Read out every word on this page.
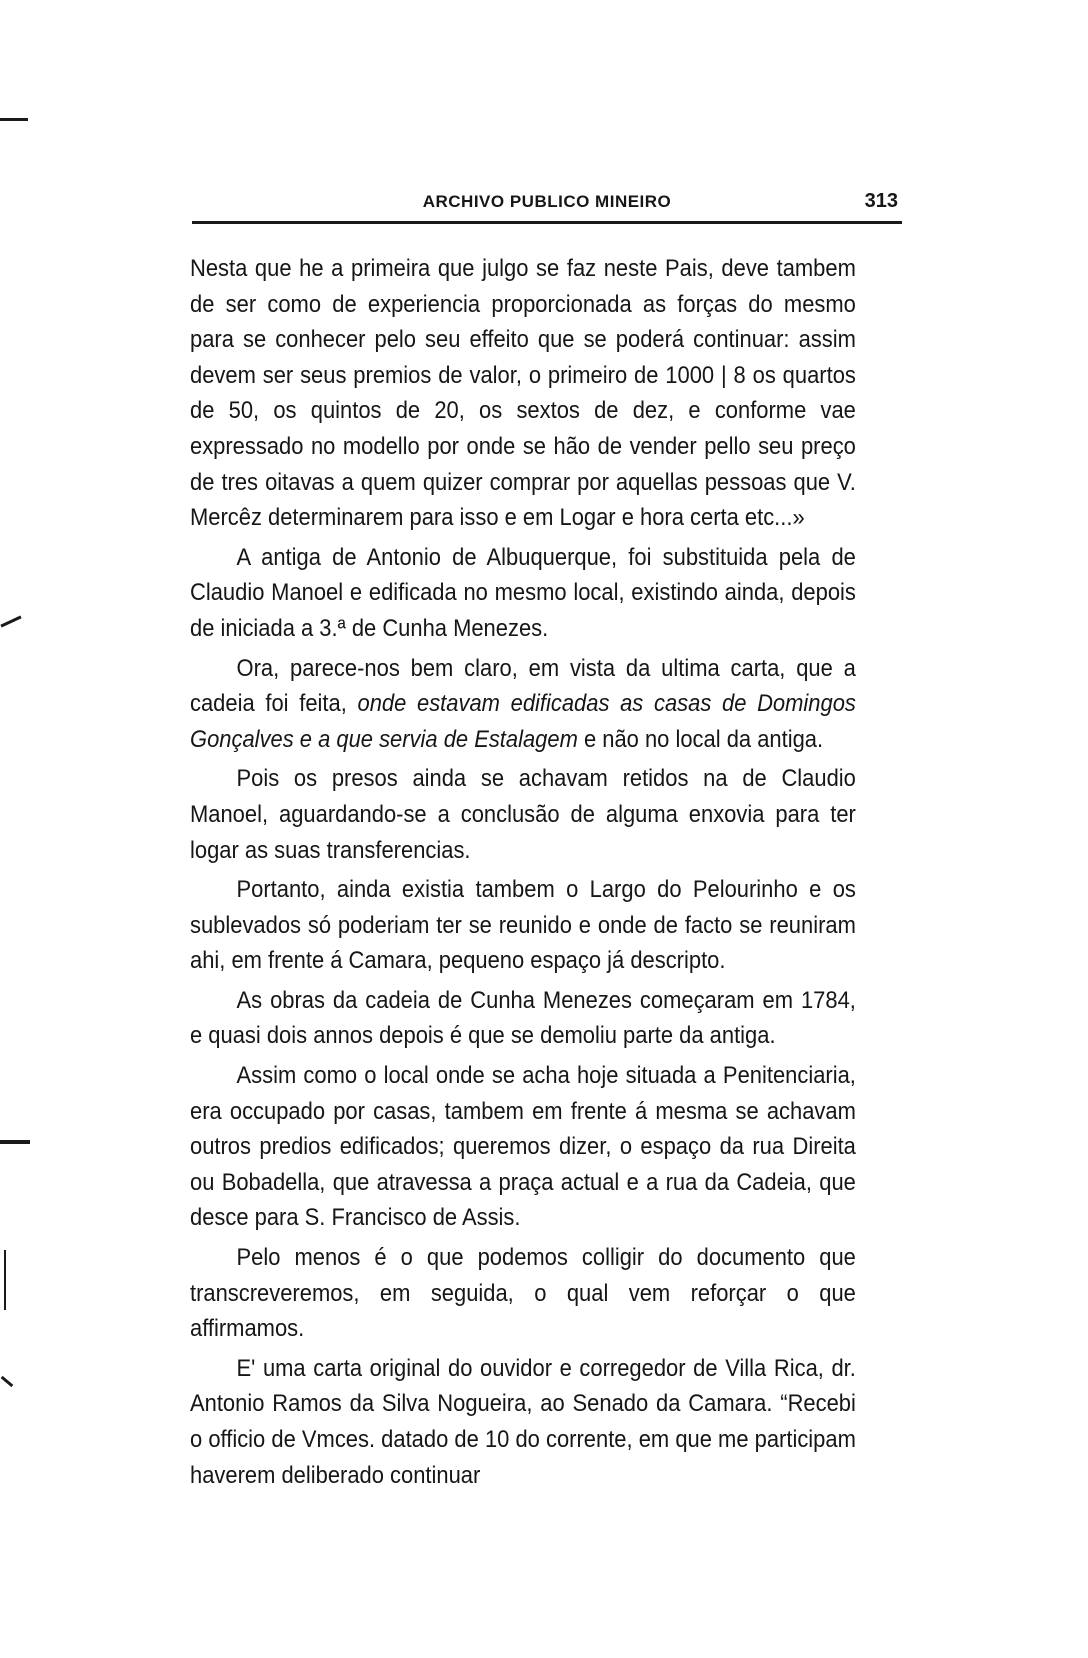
ARCHIVO PUBLICO MINEIRO	313

Nesta que he a primeira que julgo se faz neste Pais, deve tambem de ser como de experiencia proporcionada as forças do mesmo para se conhecer pelo seu effeito que se poderá continuar: assim devem ser seus premios de valor, o primeiro de 1000 | 8 os quartos de 50, os quintos de 20, os sextos de dez, e conforme vae expressado no modello por onde se hão de vender pello seu preço de tres oitavas a quem quizer comprar por aquellas pessoas que V. Mercêz determinarem para isso e em Logar e hora certa etc...»

A antiga de Antonio de Albuquerque, foi substituida pela de Claudio Manoel e edificada no mesmo local, existindo ainda, depois de iniciada a 3.ª de Cunha Menezes.

Ora, parece-nos bem claro, em vista da ultima carta, que a cadeia foi feita, onde estavam edificadas as casas de Domingos Gonçalves e a que servia de Estalagem e não no local da antiga.

Pois os presos ainda se achavam retidos na de Claudio Manoel, aguardando-se a conclusão de alguma enxovia para ter logar as suas transferencias.

Portanto, ainda existia tambem o Largo do Pelourinho e os sublevados só poderiam ter se reunido e onde de facto se reuniram ahi, em frente á Camara, pequeno espaço já descripto.

As obras da cadeia de Cunha Menezes começaram em 1784, e quasi dois annos depois é que se demoliu parte da antiga.

Assim como o local onde se acha hoje situada a Penitenciaria, era occupado por casas, tambem em frente á mesma se achavam outros predios edificados; queremos dizer, o espaço da rua Direita ou Bobadella, que atravessa a praça actual e a rua da Cadeia, que desce para S. Francisco de Assis.

Pelo menos é o que podemos colligir do documento que transcreveremos, em seguida, o qual vem reforçar o que affirmamos.

E' uma carta original do ouvidor e corregedor de Villa Rica, dr. Antonio Ramos da Silva Nogueira, ao Senado da Camara. “Recebi o officio de Vmces. datado de 10 do corrente, em que me participam haverem deliberado continuar
